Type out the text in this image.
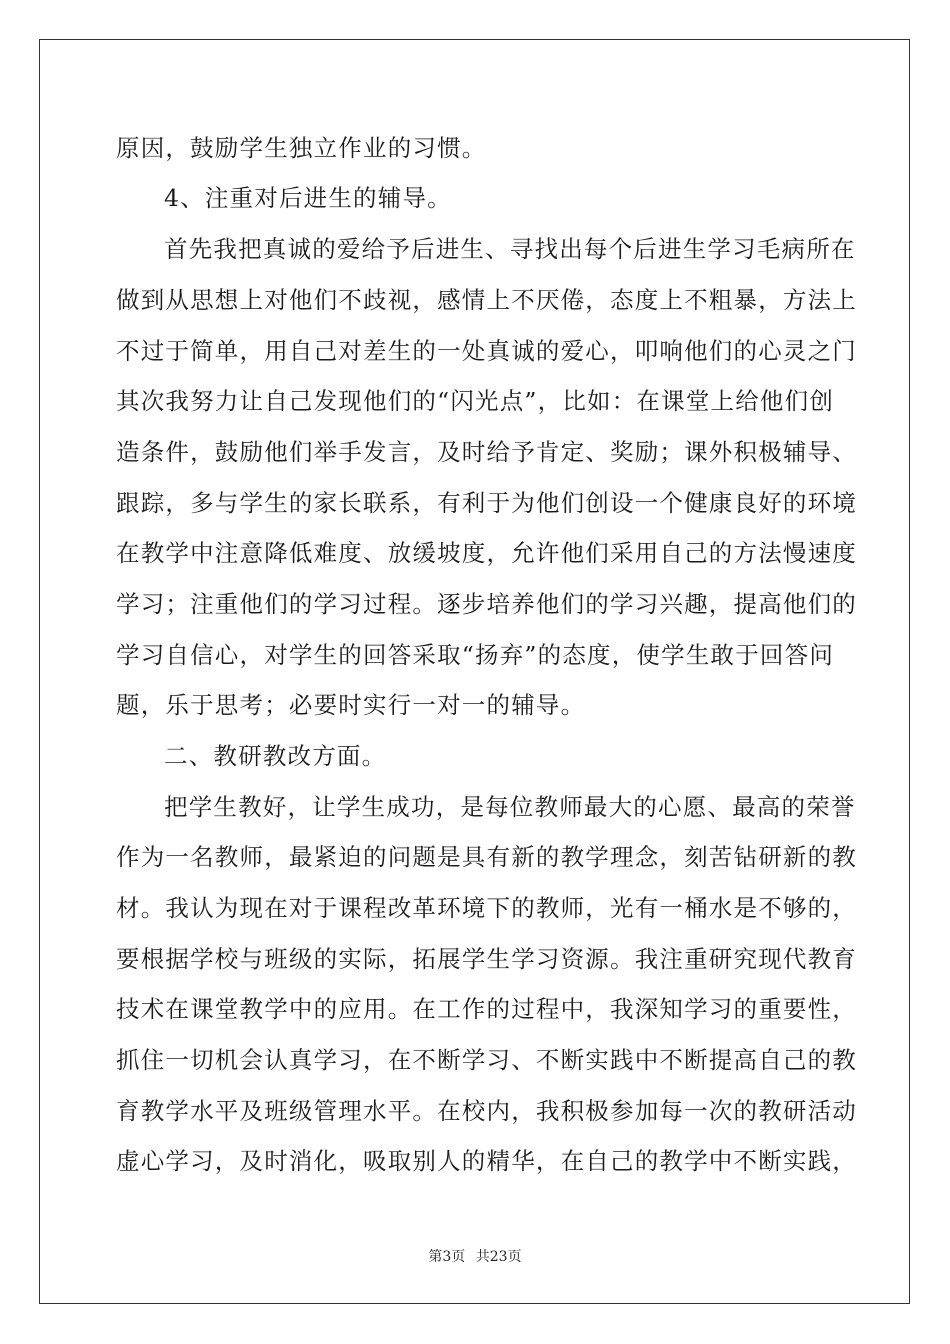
原因，鼓励学生独立作业的习惯。
4、注重对后进生的辅导。
首先我把真诚的爱给予后进生、寻找出每个后进生学习毛病所在
做到从思想上对他们不歧视，感情上不厌倦，态度上不粗暴，方法上
不过于简单，用自己对差生的一处真诚的爱心，叩响他们的心灵之门
其次我努力让自己发现他们的“闪光点”，比如：在课堂上给他们创
造条件，鼓励他们举手发言，及时给予肯定、奖励；课外积极辅导、
跟踪，多与学生的家长联系，有利于为他们创设一个健康良好的环境
在教学中注意降低难度、放缓坡度，允许他们采用自己的方法慢速度
学习；注重他们的学习过程。逐步培养他们的学习兴趣，提高他们的
学习自信心，对学生的回答采取“扬弃”的态度，使学生敢于回答问
题，乐于思考；必要时实行一对一的辅导。
二、教研教改方面。
把学生教好，让学生成功，是每位教师最大的心愿、最高的荣誉
作为一名教师，最紧迫的问题是具有新的教学理念，刻苦钻研新的教
材。我认为现在对于课程改革环境下的教师，光有一桶水是不够的，
要根据学校与班级的实际，拓展学生学习资源。我注重研究现代教育
技术在课堂教学中的应用。在工作的过程中，我深知学习的重要性，
抓住一切机会认真学习，在不断学习、不断实践中不断提高自己的教
育教学水平及班级管理水平。在校内，我积极参加每一次的教研活动
虚心学习，及时消化，吸取别人的精华，在自己的教学中不断实践，
第3页 共23页
